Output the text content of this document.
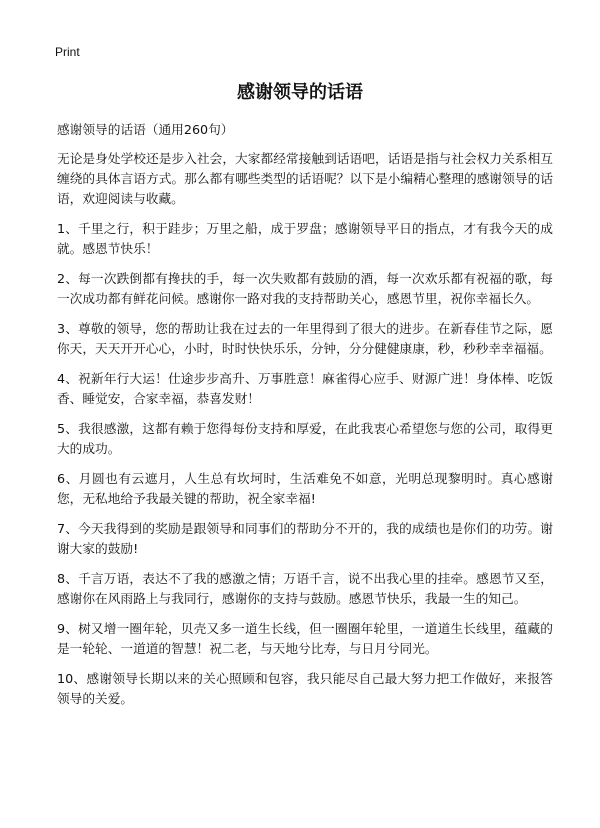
Print
感谢领导的话语

感谢领导的话语（通用260句）

无论是身处学校还是步入社会，大家都经常接触到话语吧，话语是指与社会权力关系相互缠绕的具体言语方式。那么都有哪些类型的话语呢？以下是小编精心整理的感谢领导的话语，欢迎阅读与收藏。

1、千里之行，积于跬步；万里之船，成于罗盘；感谢领导平日的指点，才有我今天的成就。感恩节快乐！

2、每一次跌倒都有搀扶的手，每一次失败都有鼓励的酒，每一次欢乐都有祝福的歌，每一次成功都有鲜花问候。感谢你一路对我的支持帮助关心，感恩节里，祝你幸福长久。

3、尊敬的领导，您的帮助让我在过去的一年里得到了很大的进步。在新春佳节之际，愿你天，天天开开心心，小时，时时快快乐乐，分钟，分分健健康康，秒，秒秒幸幸福福。

4、祝新年行大运！仕途步步高升、万事胜意！麻雀得心应手、财源广进！身体棒、吃饭香、睡觉安，合家幸福，恭喜发财！

5、我很感激，这都有赖于您得每份支持和厚爱，在此我衷心希望您与您的公司，取得更大的成功。

6、月圆也有云遮月，人生总有坎坷时，生活难免不如意，光明总现黎明时。真心感谢您，无私地给予我最关键的帮助，祝全家幸福!

7、今天我得到的奖励是跟领导和同事们的帮助分不开的，我的成绩也是你们的功劳。谢谢大家的鼓励!

8、千言万语，表达不了我的感激之情；万语千言，说不出我心里的挂牵。感恩节又至，感谢你在风雨路上与我同行，感谢你的支持与鼓励。感恩节快乐，我最一生的知己。

9、树又增一圈年轮，贝壳又多一道生长线，但一圈圈年轮里，一道道生长线里，蕴藏的是一轮轮、一道道的智慧！祝二老，与天地兮比寿，与日月兮同光。

10、感谢领导长期以来的关心照顾和包容，我只能尽自己最大努力把工作做好，来报答领导的关爱。
